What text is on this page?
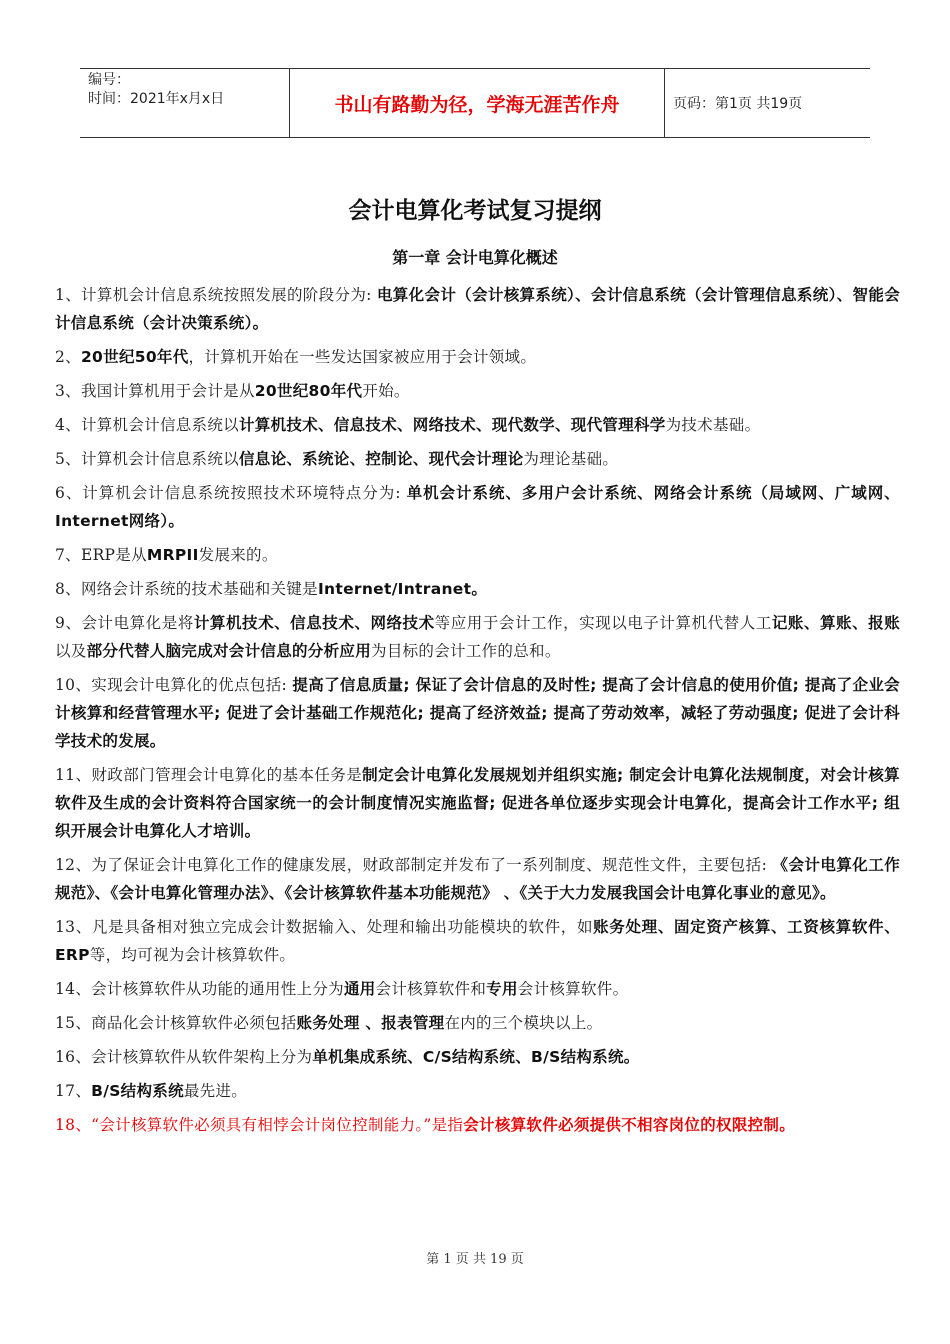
编号：
时间：2021年x月x日	书山有路勤为径，学海无涯苦作舟	页码：第1页 共19页
会计电算化考试复习提纲
第一章 会计电算化概述

1、计算机会计信息系统按照发展的阶段分为: 电算化会计（会计核算系统）、会计信息系统（会计管理信息系统）、智能会计信息系统（会计决策系统）。

2、20世纪50年代，计算机开始在一些发达国家被应用于会计领域。

3、我国计算机用于会计是从20世纪80年代开始。

4、计算机会计信息系统以计算机技术、信息技术、网络技术、现代数学、现代管理科学为技术基础。

5、计算机会计信息系统以信息论、系统论、控制论、现代会计理论为理论基础。

6、计算机会计信息系统按照技术环境特点分为: 单机会计系统、多用户会计系统、网络会计系统（局域网、广域网、Internet网络）。

7、ERP是从MRPII发展来的。

8、网络会计系统的技术基础和关键是Internet/Intranet。

9、会计电算化是将计算机技术、信息技术、网络技术等应用于会计工作，实现以电子计算机代替人工记账、算账、报账以及部分代替人脑完成对会计信息的分析应用为目标的会计工作的总和。

10、实现会计电算化的优点包括: 提高了信息质量; 保证了会计信息的及时性; 提高了会计信息的使用价值; 提高了企业会计核算和经营管理水平; 促进了会计基础工作规范化; 提高了经济效益; 提高了劳动效率，减轻了劳动强度; 促进了会计科学技术的发展。

11、财政部门管理会计电算化的基本任务是制定会计电算化发展规划并组织实施; 制定会计电算化法规制度，对会计核算软件及生成的会计资料符合国家统一的会计制度情况实施监督; 促进各单位逐步实现会计电算化，提高会计工作水平; 组织开展会计电算化人才培训。

12、为了保证会计电算化工作的健康发展，财政部制定并发布了一系列制度、规范性文件，主要包括: 《会计电算化工作规范》、《会计电算化管理办法》、《会计核算软件基本功能规范》 、《关于大力发展我国会计电算化事业的意见》。

13、凡是具备相对独立完成会计数据输入、处理和输出功能模块的软件，如账务处理、固定资产核算、工资核算软件、ERP等，均可视为会计核算软件。

14、会计核算软件从功能的通用性上分为通用会计核算软件和专用会计核算软件。

15、商品化会计核算软件必须包括账务处理 、报表管理在内的三个模块以上。

16、会计核算软件从软件架构上分为单机集成系统、C/S结构系统、B/S结构系统。

17、B/S结构系统最先进。

18、“会计核算软件必须具有相悖会计岗位控制能力。”是指会计核算软件必须提供不相容岗位的权限控制。

第 1 页 共 19 页
